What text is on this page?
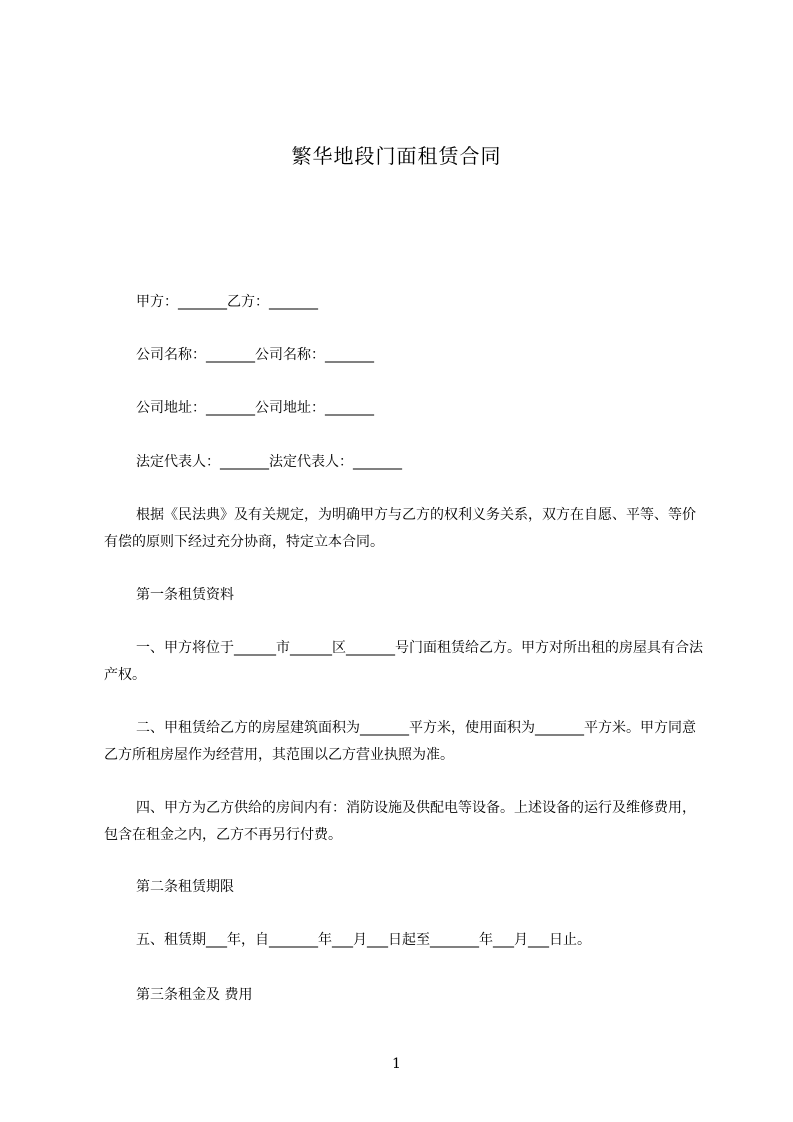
繁华地段门面租赁合同
甲方：_______乙方：_______
公司名称：_______公司名称：_______
公司地址：_______公司地址：_______
法定代表人：_______法定代表人：_______
根据《民法典》及有关规定，为明确甲方与乙方的权利义务关系，双方在自愿、平等、等价有偿的原则下经过充分协商，特定立本合同。
第一条租赁资料
一、甲方将位于______市______区_______号门面租赁给乙方。甲方对所出租的房屋具有合法产权。
二、甲租赁给乙方的房屋建筑面积为_______平方米，使用面积为_______平方米。甲方同意乙方所租房屋作为经营用，其范围以乙方营业执照为准。
四、甲方为乙方供给的房间内有：消防设施及供配电等设备。上述设备的运行及维修费用，包含在租金之内，乙方不再另行付费。
第二条租赁期限
五、租赁期___年，自_______年___月___日起至_______年___月___日止。
第三条租金及 费用
1
